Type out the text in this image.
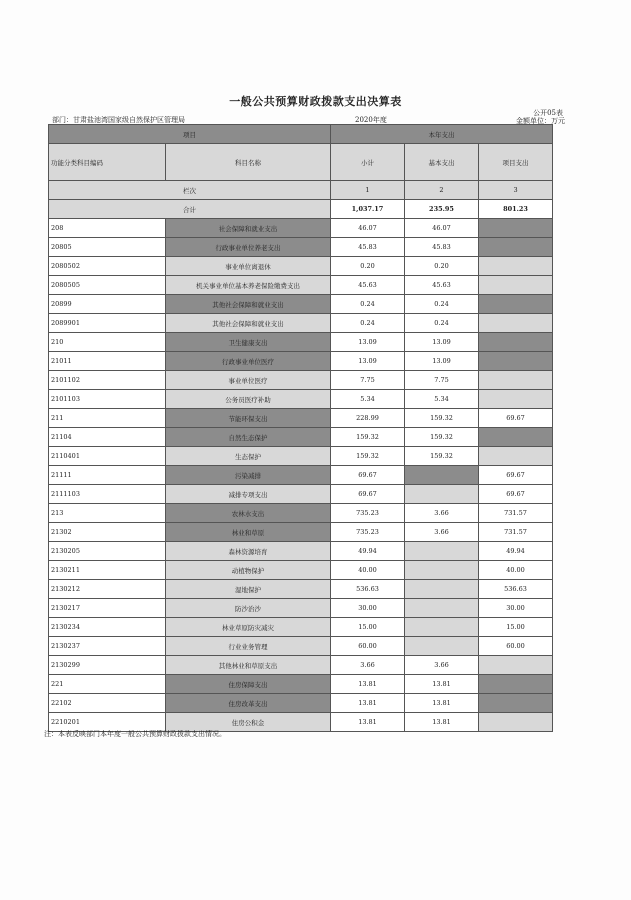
一般公共预算财政拨款支出决算表
公开05表
部门：甘肃盐池湾国家级自然保护区管理局	2020年度	金额单位：万元
项目		本年支出		
功能分类科目编码	科目名称	小计	基本支出	项目支出
栏次		1	2	3
合计		1,037.17	235.95	801.23
208	社会保障和就业支出	46.07	46.07	
20805	行政事业单位养老支出	45.83	45.83	
2080502	事业单位离退休	0.20	0.20	
2080505	机关事业单位基本养老保险缴费支出	45.63	45.63	
20899	其他社会保障和就业支出	0.24	0.24	
2089901	其他社会保障和就业支出	0.24	0.24	
210	卫生健康支出	13.09	13.09	
21011	行政事业单位医疗	13.09	13.09	
2101102	事业单位医疗	7.75	7.75	
2101103	公务员医疗补助	5.34	5.34	
211	节能环保支出	228.99	159.32	69.67
21104	自然生态保护	159.32	159.32	
2110401	生态保护	159.32	159.32	
21111	污染减排	69.67		69.67
2111103	减排专项支出	69.67		69.67
213	农林水支出	735.23	3.66	731.57
21302	林业和草原	735.23	3.66	731.57
2130205	森林资源培育	49.94		49.94
2130211	动植物保护	40.00		40.00
2130212	湿地保护	536.63		536.63
2130217	防沙治沙	30.00		30.00
2130234	林业草原防灾减灾	15.00		15.00
2130237	行业业务管理	60.00		60.00
2130299	其他林业和草原支出	3.66	3.66	
221	住房保障支出	13.81	13.81	
22102	住房改革支出	13.81	13.81	
2210201	住房公积金	13.81	13.81	
注：本表反映部门本年度一般公共预算财政拨款支出情况。
